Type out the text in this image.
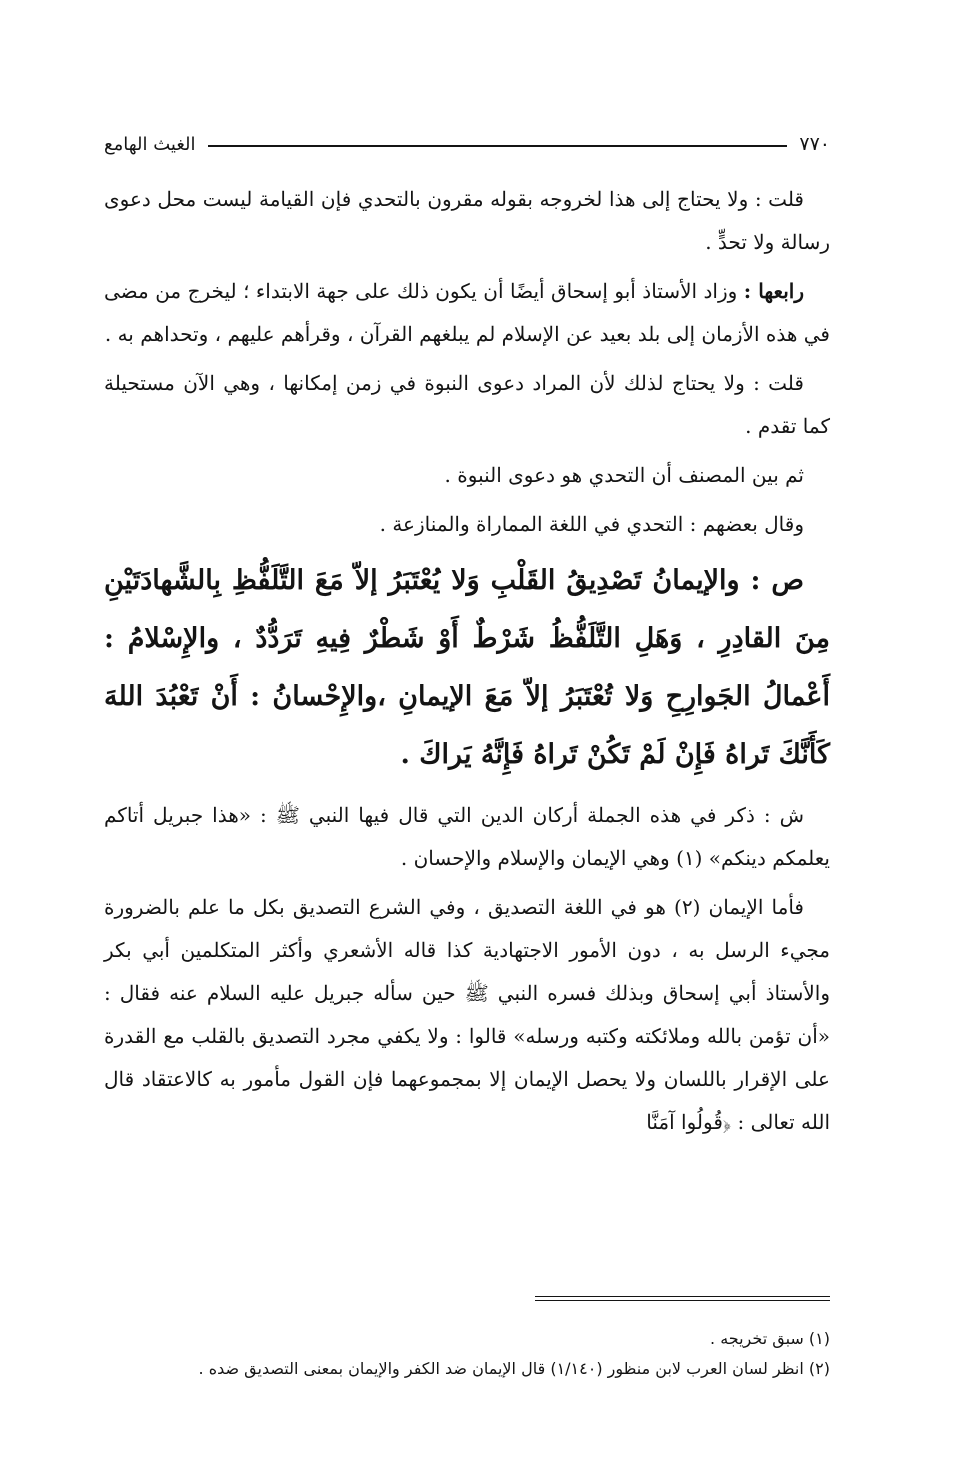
٧٧٠
الغيث الهامع

قلت : ولا يحتاج إلى هذا لخروجه بقوله مقرون بالتحدي فإن القيامة ليست محل دعوى رسالة ولا تحدٍّ .

رابعها : وزاد الأستاذ أبو إسحاق أيضًا أن يكون ذلك على جهة الابتداء ؛ ليخرج من مضى في هذه الأزمان إلى بلد بعيد عن الإسلام لم يبلغهم القرآن ، وقرأهم عليهم ، وتحداهم به .

قلت : ولا يحتاج لذلك لأن المراد دعوى النبوة في زمن إمكانها ، وهي الآن مستحيلة كما تقدم .

ثم بين المصنف أن التحدي هو دعوى النبوة .

وقال بعضهم : التحدي في اللغة المماراة والمنازعة .

ص : والإيمانُ تَصْدِيقُ القَلْبِ وَلا يُعْتَبَرُ إلاّ مَعَ التَّلَفُّظِ بِالشَّهادَتَيْنِ مِنَ القادِرِ ، وَهَلِ التَّلَفُّظُ شَرْطٌ أَوْ شَطْرٌ فِيهِ تَرَدُّدٌ ، والإِسْلامُ : أَعْمالُ الجَوارِحِ وَلا تُعْتَبَرُ إلاّ مَعَ الإيمانِ ،والإِحْسانُ : أَنْ تَعْبُدَ اللهَ كَأَنَّكَ تَراهُ فَإِنْ لَمْ تَكُنْ تَراهُ فَإِنَّهُ يَراكَ .

ش : ذكر في هذه الجملة أركان الدين التي قال فيها النبي ﷺ : «هذا جبريل أتاكم يعلمكم دينكم» (١) وهي الإيمان والإسلام والإحسان .

فأما الإيمان (٢) هو في اللغة التصديق ، وفي الشرع التصديق بكل ما علم بالضرورة مجيء الرسل به ، دون الأمور الاجتهادية كذا قاله الأشعري وأكثر المتكلمين أبي بكر والأستاذ أبي إسحاق وبذلك فسره النبي ﷺ حين سأله جبريل عليه السلام عنه فقال : «أن تؤمن بالله وملائكته وكتبه ورسله» قالوا : ولا يكفي مجرد التصديق بالقلب مع القدرة على الإقرار باللسان ولا يحصل الإيمان إلا بمجموعهما فإن القول مأمور به كالاعتقاد قال الله تعالى : ﴿قُولُوا آمَنَّا

(١) سبق تخريجه .

(٢) انظر لسان العرب لابن منظور (١/١٤٠) قال الإيمان ضد الكفر والإيمان بمعنى التصديق ضده .
